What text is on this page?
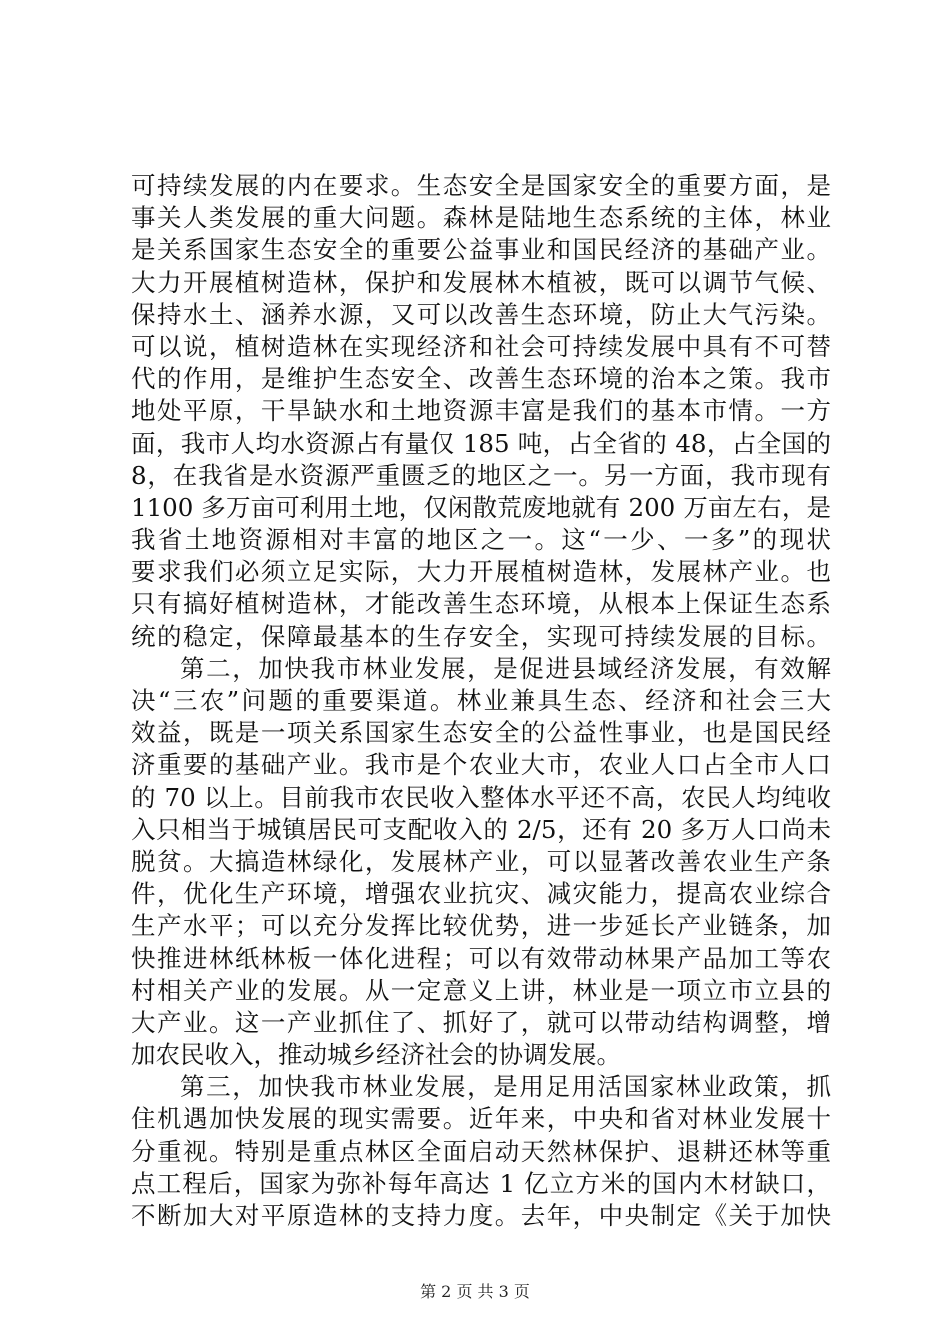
可持续发展的内在要求。生态安全是国家安全的重要方面，是
事关人类发展的重大问题。森林是陆地生态系统的主体，林业
是关系国家生态安全的重要公益事业和国民经济的基础产业。
大力开展植树造林，保护和发展林木植被，既可以调节气候、
保持水土、涵养水源，又可以改善生态环境，防止大气污染。
可以说，植树造林在实现经济和社会可持续发展中具有不可替
代的作用，是维护生态安全、改善生态环境的治本之策。我市
地处平原，干旱缺水和土地资源丰富是我们的基本市情。一方
面，我市人均水资源占有量仅 185 吨，占全省的 48，占全国的
8，在我省是水资源严重匮乏的地区之一。另一方面，我市现有
1100 多万亩可利用土地，仅闲散荒废地就有 200 万亩左右，是
我省土地资源相对丰富的地区之一。这“一少、一多”的现状
要求我们必须立足实际，大力开展植树造林，发展林产业。也
只有搞好植树造林，才能改善生态环境，从根本上保证生态系
统的稳定，保障最基本的生存安全，实现可持续发展的目标。
第二，加快我市林业发展，是促进县域经济发展，有效解
决“三农”问题的重要渠道。林业兼具生态、经济和社会三大
效益，既是一项关系国家生态安全的公益性事业，也是国民经
济重要的基础产业。我市是个农业大市，农业人口占全市人口
的 70 以上。目前我市农民收入整体水平还不高，农民人均纯收
入只相当于城镇居民可支配收入的 2/5，还有 20 多万人口尚未
脱贫。大搞造林绿化，发展林产业，可以显著改善农业生产条
件，优化生产环境，增强农业抗灾、减灾能力，提高农业综合
生产水平；可以充分发挥比较优势，进一步延长产业链条，加
快推进林纸林板一体化进程；可以有效带动林果产品加工等农
村相关产业的发展。从一定意义上讲，林业是一项立市立县的
大产业。这一产业抓住了、抓好了，就可以带动结构调整，增
加农民收入，推动城乡经济社会的协调发展。
第三，加快我市林业发展，是用足用活国家林业政策，抓
住机遇加快发展的现实需要。近年来，中央和省对林业发展十
分重视。特别是重点林区全面启动天然林保护、退耕还林等重
点工程后，国家为弥补每年高达 1 亿立方米的国内木材缺口，
不断加大对平原造林的支持力度。去年，中央制定《关于加快
第 2 页 共 3 页
